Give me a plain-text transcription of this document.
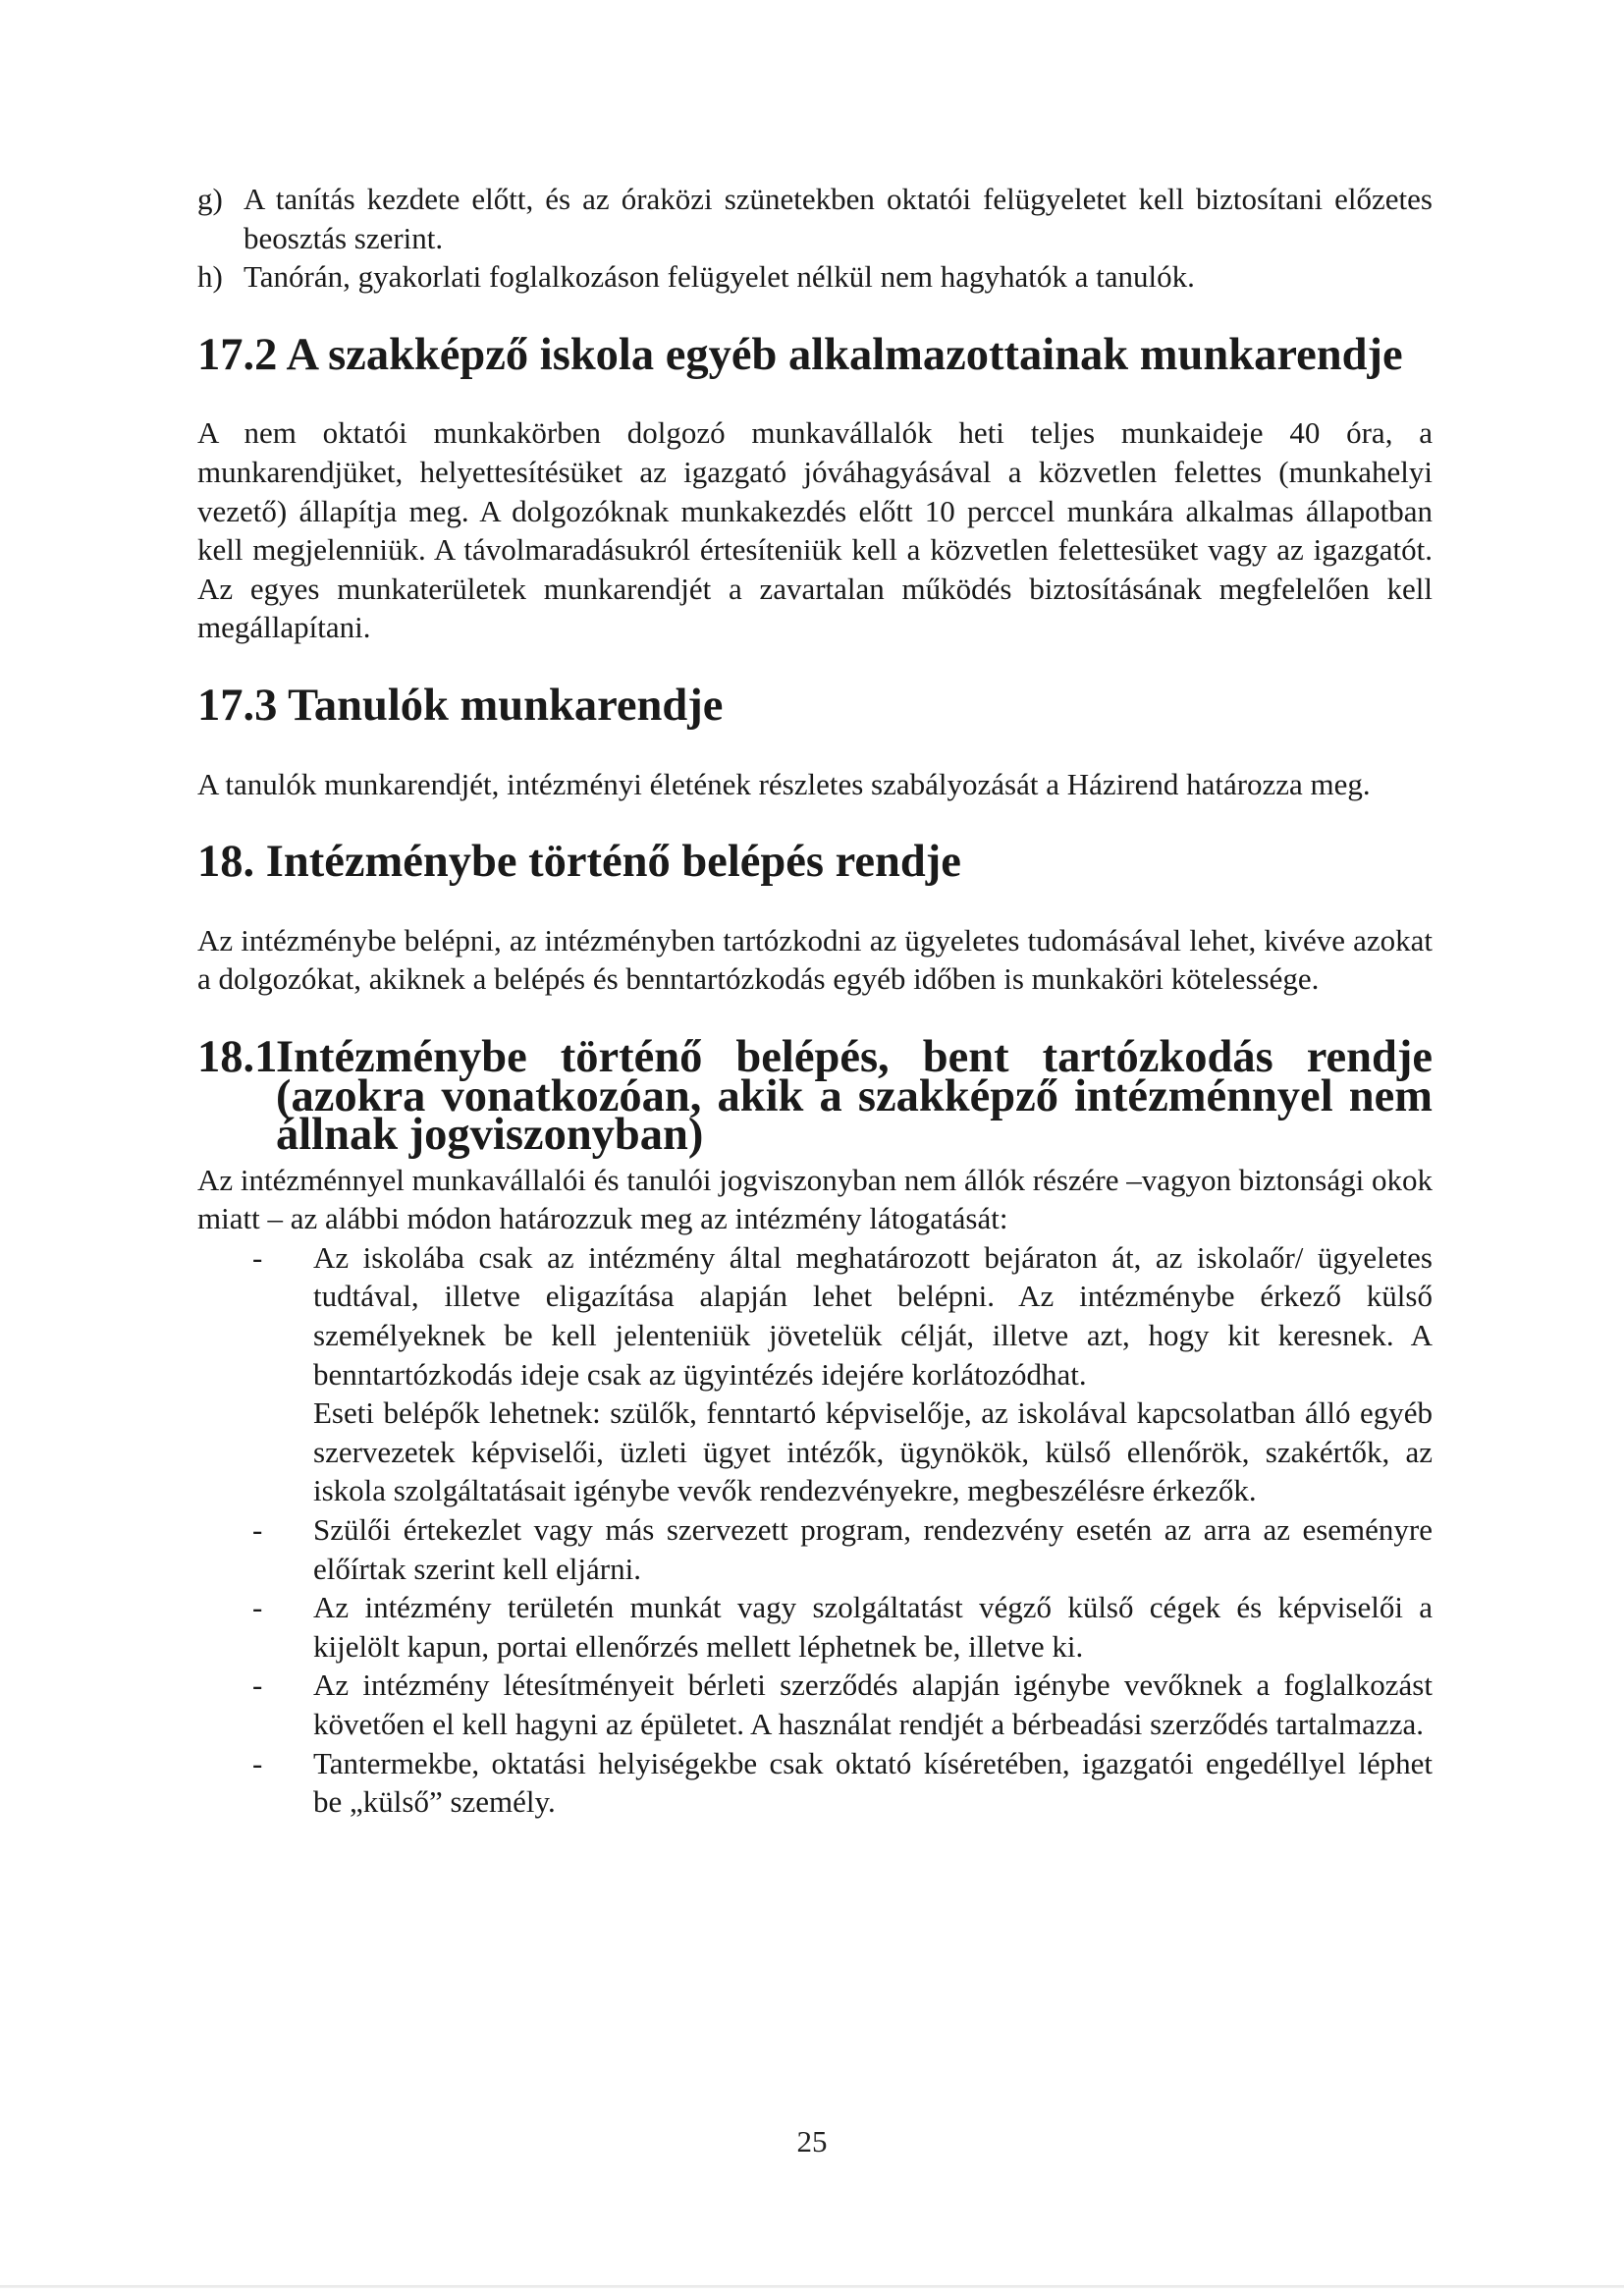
g) A tanítás kezdete előtt, és az óraközi szünetekben oktatói felügyeletet kell biztosítani előzetes beosztás szerint.
h) Tanórán, gyakorlati foglalkozáson felügyelet nélkül nem hagyhatók a tanulók.
17.2 A szakképző iskola egyéb alkalmazottainak munkarendje

A nem oktatói munkakörben dolgozó munkavállalók heti teljes munkaideje 40 óra, a munkarendjüket, helyettesítésüket az igazgató jóváhagyásával a közvetlen felettes (munkahelyi vezető) állapítja meg. A dolgozóknak munkakezdés előtt 10 perccel munkára alkalmas állapotban kell megjelenniük. A távolmaradásukról értesíteniük kell a közvetlen felettesüket vagy az igazgatót. Az egyes munkaterületek munkarendjét a zavartalan működés biztosításának megfelelően kell megállapítani.

17.3 Tanulók munkarendje

A tanulók munkarendjét, intézményi életének részletes szabályozását a Házirend határozza meg.

18. Intézménybe történő belépés rendje

Az intézménybe belépni, az intézményben tartózkodni az ügyeletes tudomásával lehet, kivéve azokat a dolgozókat, akiknek a belépés és benntartózkodás egyéb időben is munkaköri kötelessége.

18.1
Intézménybe történő belépés, bent tartózkodás rendje (azokra vonatkozóan, akik a szakképző intézménnyel nem állnak jogviszonyban)

Az intézménnyel munkavállalói és tanulói jogviszonyban nem állók részére –vagyon biztonsági okok miatt – az alábbi módon határozzuk meg az intézmény látogatását:

- Az iskolába csak az intézmény által meghatározott bejáraton át, az iskolaőr/ ügyeletes tudtával, illetve eligazítása alapján lehet belépni. Az intézménybe érkező külső személyeknek be kell jelenteniük jövetelük célját, illetve azt, hogy kit keresnek. A benntartózkodás ideje csak az ügyintézés idejére korlátozódhat.
Eseti belépők lehetnek: szülők, fenntartó képviselője, az iskolával kapcsolatban álló egyéb szervezetek képviselői, üzleti ügyet intézők, ügynökök, külső ellenőrök, szakértők, az iskola szolgáltatásait igénybe vevők rendezvényekre, megbeszélésre érkezők.
- Szülői értekezlet vagy más szervezett program, rendezvény esetén az arra az eseményre előírtak szerint kell eljárni.
- Az intézmény területén munkát vagy szolgáltatást végző külső cégek és képviselői a kijelölt kapun, portai ellenőrzés mellett léphetnek be, illetve ki.
- Az intézmény létesítményeit bérleti szerződés alapján igénybe vevőknek a foglalkozást követően el kell hagyni az épületet. A használat rendjét a bérbeadási szerződés tartalmazza.
- Tantermekbe, oktatási helyiségekbe csak oktató kíséretében, igazgatói engedéllyel léphet be „külső” személy.
25
